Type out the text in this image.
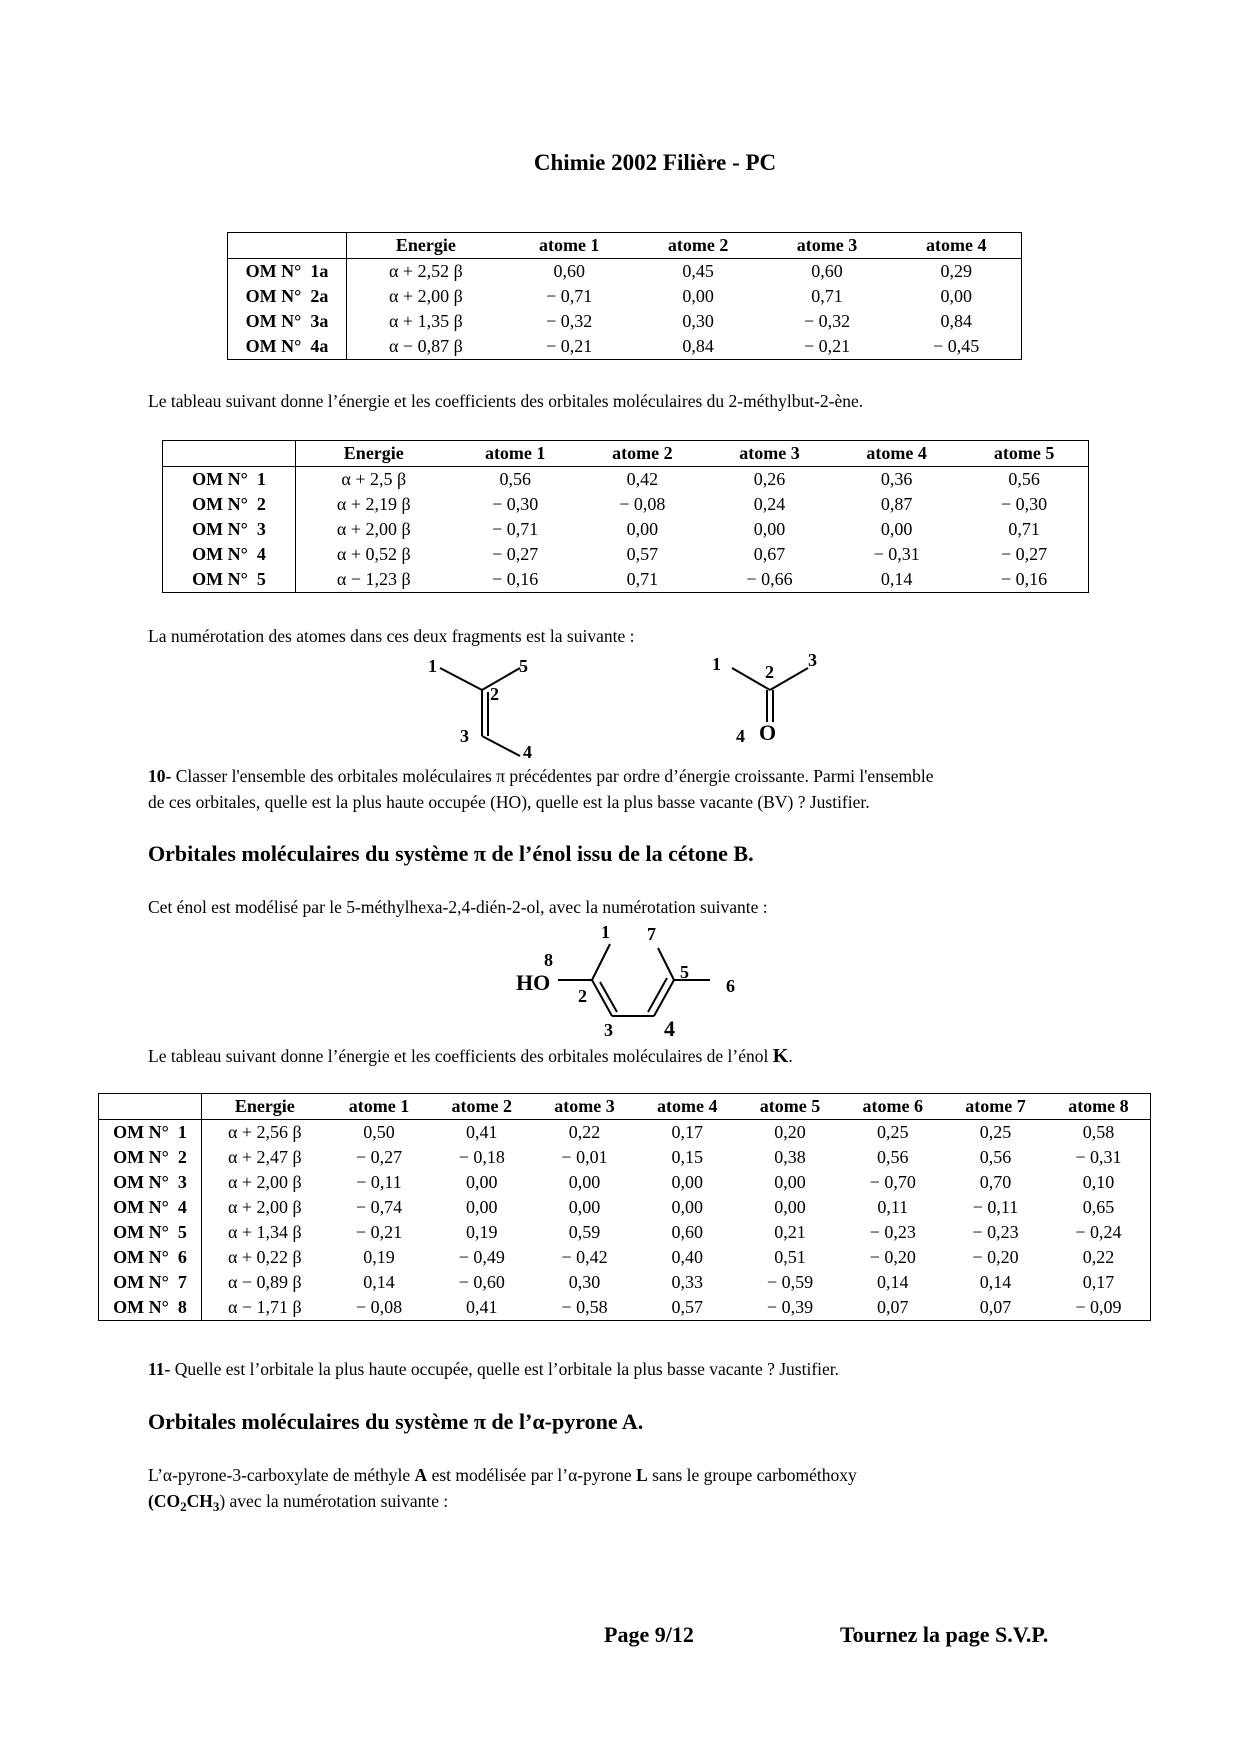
Chimie 2002 Filière - PC
	Energie	atome 1	atome 2	atome 3	atome 4
OM N°  1a	α + 2,52 β	0,60	0,45	0,60	0,29
OM N°  2a	α + 2,00 β	− 0,71	0,00	0,71	0,00
OM N°  3a	α + 1,35 β	− 0,32	0,30	− 0,32	0,84
OM N°  4a	α − 0,87 β	− 0,21	0,84	− 0,21	− 0,45
Le tableau suivant donne l’énergie et les coefficients des orbitales moléculaires du 2-méthylbut-2-ène.
	Energie	atome 1	atome 2	atome 3	atome 4	atome 5
OM N°  1	α + 2,5 β	0,56	0,42	0,26	0,36	0,56
OM N°  2	α + 2,19 β	− 0,30	− 0,08	0,24	0,87	− 0,30
OM N°  3	α + 2,00 β	− 0,71	0,00	0,00	0,00	0,71
OM N°  4	α + 0,52 β	− 0,27	0,57	0,67	− 0,31	− 0,27
OM N°  5	α − 1,23 β	− 0,16	0,71	− 0,66	0,14	− 0,16
La numérotation des atomes dans ces deux fragments est la suivante :
1	5
2
3
4
1 2
3
4 O
10- Classer l'ensemble des orbitales moléculaires π précédentes par ordre d’énergie croissante. Parmi l'ensemble
de ces orbitales, quelle est la plus haute occupée (HO), quelle est la plus basse vacante (BV) ? Justifier.
Orbitales moléculaires du système π de l’énol issu de la cétone B.
Cet énol est modélisé par le 5-méthylhexa-2,4-dién-2-ol, avec la numérotation suivante :
HO
8
1 7
5
6
2
3 4
Le tableau suivant donne l’énergie et les coefficients des orbitales moléculaires de l’énol K.
	Energie	atome 1	atome 2	atome 3	atome 4	atome 5	atome 6	atome 7	atome 8
OM N°  1	α + 2,56 β	0,50	0,41	0,22	0,17	0,20	0,25	0,25	0,58
OM N°  2	α + 2,47 β	− 0,27	− 0,18	− 0,01	0,15	0,38	0,56	0,56	− 0,31
OM N°  3	α + 2,00 β	− 0,11	0,00	0,00	0,00	0,00	− 0,70	0,70	0,10
OM N°  4	α + 2,00 β	− 0,74	0,00	0,00	0,00	0,00	0,11	− 0,11	0,65
OM N°  5	α + 1,34 β	− 0,21	0,19	0,59	0,60	0,21	− 0,23	− 0,23	− 0,24
OM N°  6	α + 0,22 β	0,19	− 0,49	− 0,42	0,40	0,51	− 0,20	− 0,20	0,22
OM N°  7	α − 0,89 β	0,14	− 0,60	0,30	0,33	− 0,59	0,14	0,14	0,17
OM N°  8	α − 1,71 β	− 0,08	0,41	− 0,58	0,57	− 0,39	0,07	0,07	− 0,09
11- Quelle est l’orbitale la plus haute occupée, quelle est l’orbitale la plus basse vacante ? Justifier.
Orbitales moléculaires du système π de l’α-pyrone A.
L’α-pyrone-3-carboxylate de méthyle A est modélisée par l’α-pyrone L sans le groupe carbométhoxy
$(CO_2CH_3)$ avec la numérotation suivante :
Page 9/12	Tournez la page S.V.P.
